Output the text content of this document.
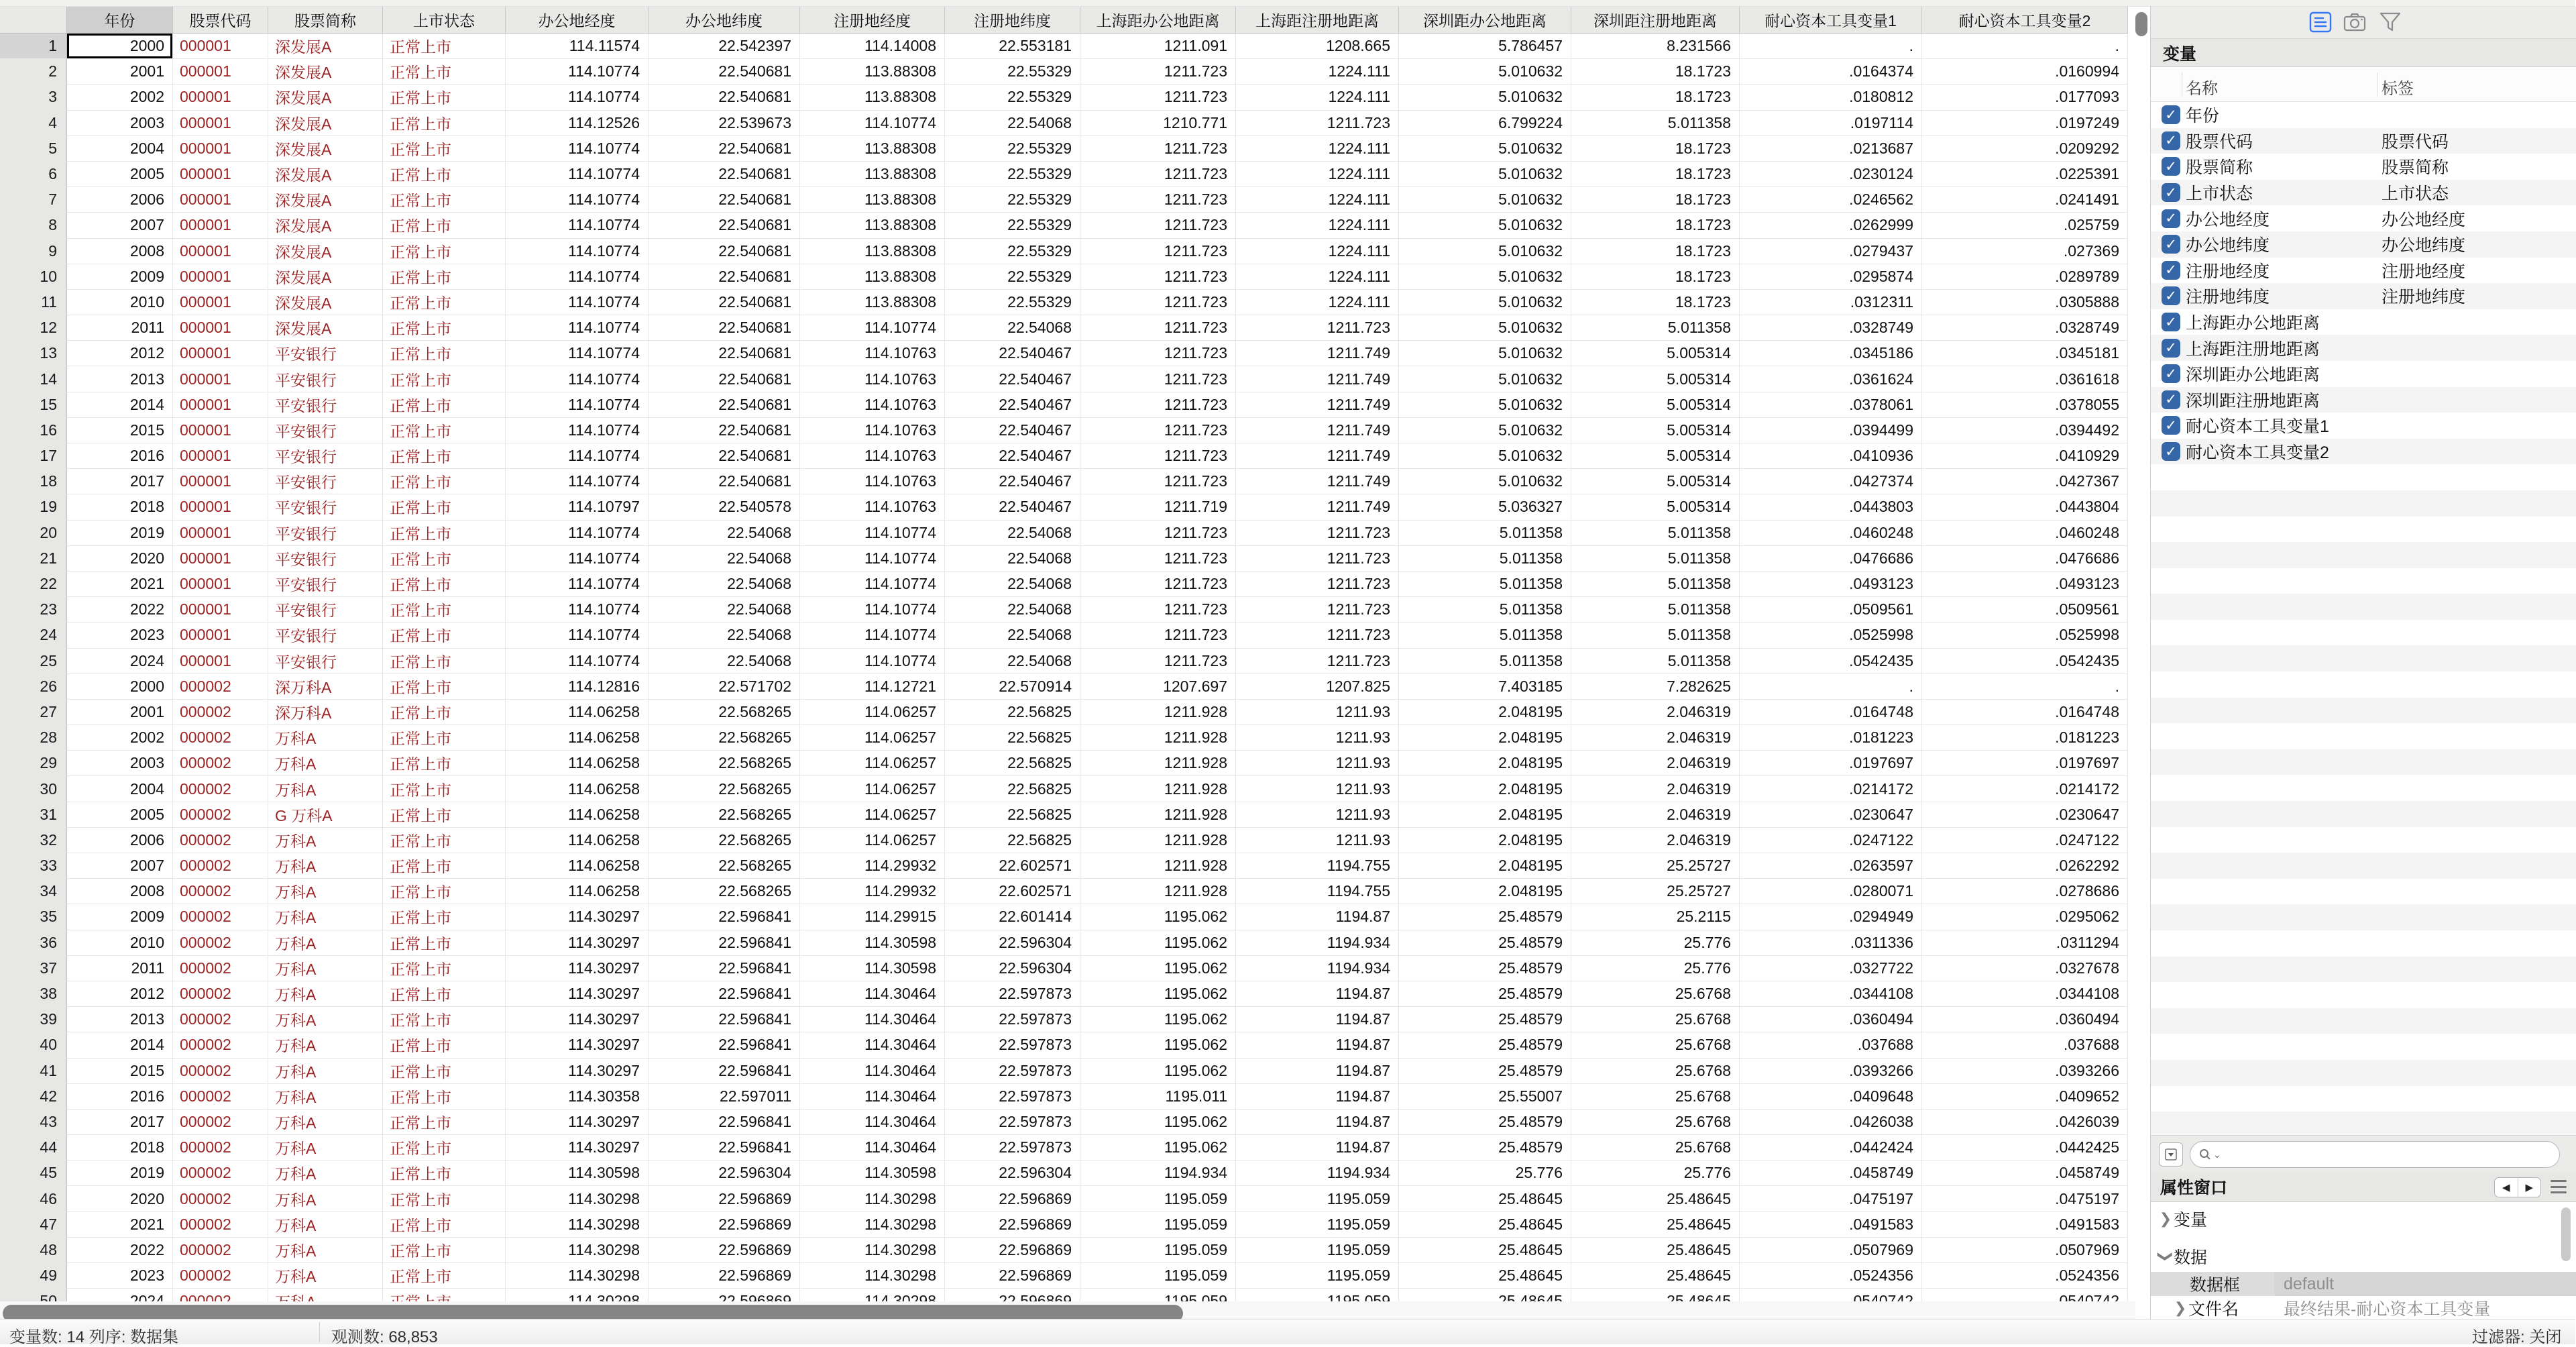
年份	股票代码	股票简称	上市状态	办公地经度	办公地纬度	注册地经度	注册地纬度	上海距办公地距离	上海距注册地距离	深圳距办公地距离	深圳距注册地距离	耐心资本工具变量1	耐心资本工具变量2
1	2000	000001	深发展A	正常上市	114.11574	22.542397	114.14008	22.553181	1211.091	1208.665	5.786457	8.231566	.	.
2	2001	000001	深发展A	正常上市	114.10774	22.540681	113.88308	22.55329	1211.723	1224.111	5.010632	18.1723	.0164374	.0160994
3	2002	000001	深发展A	正常上市	114.10774	22.540681	113.88308	22.55329	1211.723	1224.111	5.010632	18.1723	.0180812	.0177093
4	2003	000001	深发展A	正常上市	114.12526	22.539673	114.10774	22.54068	1210.771	1211.723	6.799224	5.011358	.0197114	.0197249
5	2004	000001	深发展A	正常上市	114.10774	22.540681	113.88308	22.55329	1211.723	1224.111	5.010632	18.1723	.0213687	.0209292
6	2005	000001	深发展A	正常上市	114.10774	22.540681	113.88308	22.55329	1211.723	1224.111	5.010632	18.1723	.0230124	.0225391
7	2006	000001	深发展A	正常上市	114.10774	22.540681	113.88308	22.55329	1211.723	1224.111	5.010632	18.1723	.0246562	.0241491
8	2007	000001	深发展A	正常上市	114.10774	22.540681	113.88308	22.55329	1211.723	1224.111	5.010632	18.1723	.0262999	.025759
9	2008	000001	深发展A	正常上市	114.10774	22.540681	113.88308	22.55329	1211.723	1224.111	5.010632	18.1723	.0279437	.027369
10	2009	000001	深发展A	正常上市	114.10774	22.540681	113.88308	22.55329	1211.723	1224.111	5.010632	18.1723	.0295874	.0289789
11	2010	000001	深发展A	正常上市	114.10774	22.540681	113.88308	22.55329	1211.723	1224.111	5.010632	18.1723	.0312311	.0305888
12	2011	000001	深发展A	正常上市	114.10774	22.540681	114.10774	22.54068	1211.723	1211.723	5.010632	5.011358	.0328749	.0328749
13	2012	000001	平安银行	正常上市	114.10774	22.540681	114.10763	22.540467	1211.723	1211.749	5.010632	5.005314	.0345186	.0345181
14	2013	000001	平安银行	正常上市	114.10774	22.540681	114.10763	22.540467	1211.723	1211.749	5.010632	5.005314	.0361624	.0361618
15	2014	000001	平安银行	正常上市	114.10774	22.540681	114.10763	22.540467	1211.723	1211.749	5.010632	5.005314	.0378061	.0378055
16	2015	000001	平安银行	正常上市	114.10774	22.540681	114.10763	22.540467	1211.723	1211.749	5.010632	5.005314	.0394499	.0394492
17	2016	000001	平安银行	正常上市	114.10774	22.540681	114.10763	22.540467	1211.723	1211.749	5.010632	5.005314	.0410936	.0410929
18	2017	000001	平安银行	正常上市	114.10774	22.540681	114.10763	22.540467	1211.723	1211.749	5.010632	5.005314	.0427374	.0427367
19	2018	000001	平安银行	正常上市	114.10797	22.540578	114.10763	22.540467	1211.719	1211.749	5.036327	5.005314	.0443803	.0443804
20	2019	000001	平安银行	正常上市	114.10774	22.54068	114.10774	22.54068	1211.723	1211.723	5.011358	5.011358	.0460248	.0460248
21	2020	000001	平安银行	正常上市	114.10774	22.54068	114.10774	22.54068	1211.723	1211.723	5.011358	5.011358	.0476686	.0476686
22	2021	000001	平安银行	正常上市	114.10774	22.54068	114.10774	22.54068	1211.723	1211.723	5.011358	5.011358	.0493123	.0493123
23	2022	000001	平安银行	正常上市	114.10774	22.54068	114.10774	22.54068	1211.723	1211.723	5.011358	5.011358	.0509561	.0509561
24	2023	000001	平安银行	正常上市	114.10774	22.54068	114.10774	22.54068	1211.723	1211.723	5.011358	5.011358	.0525998	.0525998
25	2024	000001	平安银行	正常上市	114.10774	22.54068	114.10774	22.54068	1211.723	1211.723	5.011358	5.011358	.0542435	.0542435
26	2000	000002	深万科A	正常上市	114.12816	22.571702	114.12721	22.570914	1207.697	1207.825	7.403185	7.282625	.	.
27	2001	000002	深万科A	正常上市	114.06258	22.568265	114.06257	22.56825	1211.928	1211.93	2.048195	2.046319	.0164748	.0164748
28	2002	000002	万科A	正常上市	114.06258	22.568265	114.06257	22.56825	1211.928	1211.93	2.048195	2.046319	.0181223	.0181223
29	2003	000002	万科A	正常上市	114.06258	22.568265	114.06257	22.56825	1211.928	1211.93	2.048195	2.046319	.0197697	.0197697
30	2004	000002	万科A	正常上市	114.06258	22.568265	114.06257	22.56825	1211.928	1211.93	2.048195	2.046319	.0214172	.0214172
31	2005	000002	G 万科A	正常上市	114.06258	22.568265	114.06257	22.56825	1211.928	1211.93	2.048195	2.046319	.0230647	.0230647
32	2006	000002	万科A	正常上市	114.06258	22.568265	114.06257	22.56825	1211.928	1211.93	2.048195	2.046319	.0247122	.0247122
33	2007	000002	万科A	正常上市	114.06258	22.568265	114.29932	22.602571	1211.928	1194.755	2.048195	25.25727	.0263597	.0262292
34	2008	000002	万科A	正常上市	114.06258	22.568265	114.29932	22.602571	1211.928	1194.755	2.048195	25.25727	.0280071	.0278686
35	2009	000002	万科A	正常上市	114.30297	22.596841	114.29915	22.601414	1195.062	1194.87	25.48579	25.2115	.0294949	.0295062
36	2010	000002	万科A	正常上市	114.30297	22.596841	114.30598	22.596304	1195.062	1194.934	25.48579	25.776	.0311336	.0311294
37	2011	000002	万科A	正常上市	114.30297	22.596841	114.30598	22.596304	1195.062	1194.934	25.48579	25.776	.0327722	.0327678
38	2012	000002	万科A	正常上市	114.30297	22.596841	114.30464	22.597873	1195.062	1194.87	25.48579	25.6768	.0344108	.0344108
39	2013	000002	万科A	正常上市	114.30297	22.596841	114.30464	22.597873	1195.062	1194.87	25.48579	25.6768	.0360494	.0360494
40	2014	000002	万科A	正常上市	114.30297	22.596841	114.30464	22.597873	1195.062	1194.87	25.48579	25.6768	.037688	.037688
41	2015	000002	万科A	正常上市	114.30297	22.596841	114.30464	22.597873	1195.062	1194.87	25.48579	25.6768	.0393266	.0393266
42	2016	000002	万科A	正常上市	114.30358	22.597011	114.30464	22.597873	1195.011	1194.87	25.55007	25.6768	.0409648	.0409652
43	2017	000002	万科A	正常上市	114.30297	22.596841	114.30464	22.597873	1195.062	1194.87	25.48579	25.6768	.0426038	.0426039
44	2018	000002	万科A	正常上市	114.30297	22.596841	114.30464	22.597873	1195.062	1194.87	25.48579	25.6768	.0442424	.0442425
45	2019	000002	万科A	正常上市	114.30598	22.596304	114.30598	22.596304	1194.934	1194.934	25.776	25.776	.0458749	.0458749
46	2020	000002	万科A	正常上市	114.30298	22.596869	114.30298	22.596869	1195.059	1195.059	25.48645	25.48645	.0475197	.0475197
47	2021	000002	万科A	正常上市	114.30298	22.596869	114.30298	22.596869	1195.059	1195.059	25.48645	25.48645	.0491583	.0491583
48	2022	000002	万科A	正常上市	114.30298	22.596869	114.30298	22.596869	1195.059	1195.059	25.48645	25.48645	.0507969	.0507969
49	2023	000002	万科A	正常上市	114.30298	22.596869	114.30298	22.596869	1195.059	1195.059	25.48645	25.48645	.0524356	.0524356
变量
名称	标签
✓ 年份
✓ 股票代码	股票代码
✓ 股票简称	股票简称
✓ 上市状态	上市状态
✓ 办公地经度	办公地经度
✓ 办公地纬度	办公地纬度
✓ 注册地经度	注册地经度
✓ 注册地纬度	注册地纬度
✓ 上海距办公地距离
✓ 上海距注册地距离
✓ 深圳距办公地距离
✓ 深圳距注册地距离
✓ 耐心资本工具变量1
✓ 耐心资本工具变量2
⌄
属性窗口	◀	▶
❯ 变量
❯ 数据
数据框	default
❯ 文件名	最终结果-耐心资本工具变量
变量数: 14 列序: 数据集	观测数: 68,853	过滤器: 关闭
